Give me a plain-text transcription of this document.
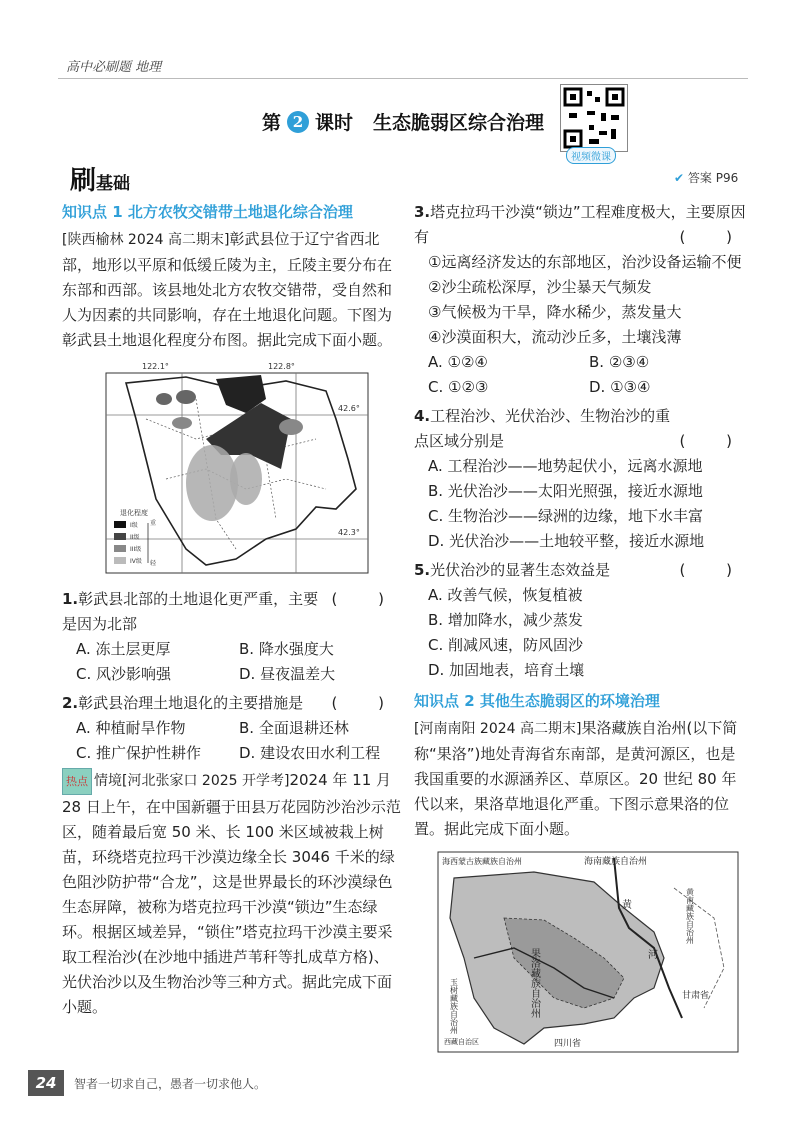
高中必刷题 地理
第 2 课时 生态脆弱区综合治理
视频微课
刷基础	✔ 答案 P96
知识点 1 北方农牧交错带土地退化综合治理

[陕西榆林 2024 高二期末]彰武县位于辽宁省西北部，地形以平原和低缓丘陵为主，丘陵主要分布在东部和西部。该县地处北方农牧交错带，受自然和人为因素的共同影响，存在土地退化问题。下图为彰武县土地退化程度分布图。据此完成下面小题。

122.1°	122.8°
42.6°
42.3°
退化程度
I级
II级
III级
IV级
重
轻
( )
1.彰武县北部的土地退化更严重，主要是因为北部
A. 冻土层更厚	B. 降水强度大
C. 风沙影响强	D. 昼夜温差大
( )
2.彰武县治理土地退化的主要措施是
A. 种植耐旱作物	B. 全面退耕还林
C. 推广保护性耕作	D. 建设农田水利工程

热点 情境[河北张家口 2025 开学考]2024 年 11 月 28 日上午，在中国新疆于田县万花园防沙治沙示范区，随着最后宽 50 米、长 100 米区域被栽上树苗，环绕塔克拉玛干沙漠边缘全长 3046 千米的绿色阻沙防护带“合龙”，这是世界最长的环沙漠绿色生态屏障，被称为塔克拉玛干沙漠“锁边”生态绿环。根据区域差异，“锁住”塔克拉玛干沙漠主要采取工程治沙(在沙地中插进芦苇秆等扎成草方格)、光伏治沙以及生物治沙等三种方式。据此完成下面小题。

3.塔克拉玛干沙漠“锁边”工程难度极大，主要原因有	( )
①远离经济发达的东部地区，治沙设备运输不便
②沙尘疏松深厚，沙尘暴天气频发
③气候极为干旱，降水稀少，蒸发量大
④沙漠面积大，流动沙丘多，土壤浅薄
A. ①②④	B. ②③④
C. ①②③	D. ①③④
( )
4.工程治沙、光伏治沙、生物治沙的重点区域分别是
A. 工程治沙——地势起伏小，远离水源地
B. 光伏治沙——太阳光照强，接近水源地
C. 生物治沙——绿洲的边缘，地下水丰富
D. 光伏治沙——土地较平整，接近水源地
( )
5.光伏治沙的显著生态效益是
A. 改善气候，恢复植被
B. 增加降水，减少蒸发
C. 削减风速，防风固沙
D. 加固地表，培育土壤
知识点 2 其他生态脆弱区的环境治理

[河南南阳 2024 高二期末]果洛藏族自治州(以下简称“果洛”)地处青海省东南部，是黄河源区，也是我国重要的水源涵养区、草原区。20 世纪 80 年代以来，果洛草地退化严重。下图示意果洛的位置。据此完成下面小题。

海西蒙古族藏族自治州	海南藏族自治州
黄南藏族自治州
玉树藏族自治州
西藏自治区	四川省
甘肃省
果洛藏族自治州
黄
河
24	智者一切求自己，愚者一切求他人。
